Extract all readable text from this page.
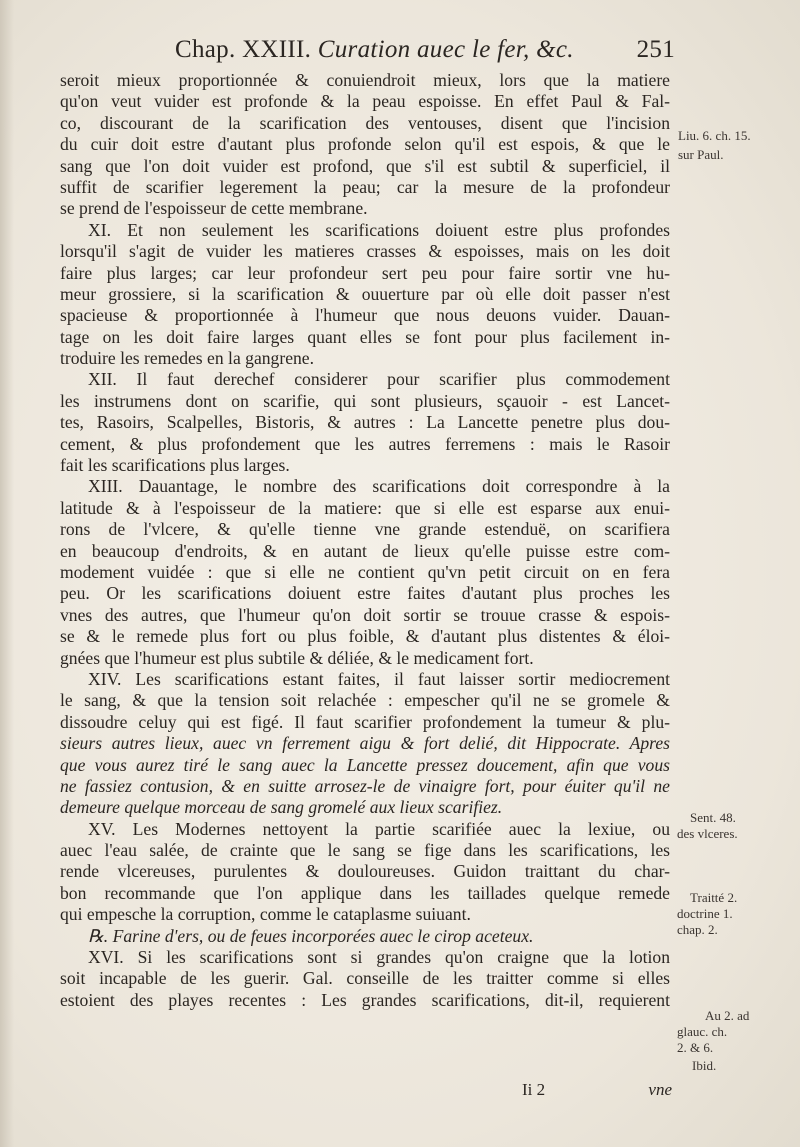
Chap. XXIII. Curation auec le fer, &c.	251
seroit mieux proportionnée & conuiendroit mieux, lors que la matiere
qu'on veut vuider est profonde & la peau espoisse. En effet Paul & Fal-
co, discourant de la scarification des ventouses, disent que l'incision
du cuir doit estre d'autant plus profonde selon qu'il est espois, & que le
sang que l'on doit vuider est profond, que s'il est subtil & superficiel, il
suffit de scarifier legerement la peau; car la mesure de la profondeur
se prend de l'espoisseur de cette membrane.
XI. Et non seulement les scarifications doiuent estre plus profondes
lorsqu'il s'agit de vuider les matieres crasses & espoisses, mais on les doit
faire plus larges; car leur profondeur sert peu pour faire sortir vne hu-
meur grossiere, si la scarification & ouuerture par où elle doit passer n'est
spacieuse & proportionnée à l'humeur que nous deuons vuider. Dauan-
tage on les doit faire larges quant elles se font pour plus facilement in-
troduire les remedes en la gangrene.
XII. Il faut derechef considerer pour scarifier plus commodement
les instrumens dont on scarifie, qui sont plusieurs, sçauoir - est Lancet-
tes, Rasoirs, Scalpelles, Bistoris, & autres : La Lancette penetre plus dou-
cement, & plus profondement que les autres ferremens : mais le Rasoir
fait les scarifications plus larges.
XIII. Dauantage, le nombre des scarifications doit correspondre à la
latitude & à l'espoisseur de la matiere: que si elle est esparse aux enui-
rons de l'vlcere, & qu'elle tienne vne grande estenduë, on scarifiera
en beaucoup d'endroits, & en autant de lieux qu'elle puisse estre com-
modement vuidée : que si elle ne contient qu'vn petit circuit on en fera
peu. Or les scarifications doiuent estre faites d'autant plus proches les
vnes des autres, que l'humeur qu'on doit sortir se trouue crasse & espois-
se & le remede plus fort ou plus foible, & d'autant plus distentes & éloi-
gnées que l'humeur est plus subtile & déliée, & le medicament fort.
XIV. Les scarifications estant faites, il faut laisser sortir mediocrement
le sang, & que la tension soit relachée : empescher qu'il ne se gromele &
dissoudre celuy qui est figé. Il faut scarifier profondement la tumeur & plu-
sieurs autres lieux, auec vn ferrement aigu & fort delié, dit Hippocrate. Apres
que vous aurez tiré le sang auec la Lancette pressez doucement, afin que vous
ne fassiez contusion, & en suitte arrosez-le de vinaigre fort, pour éuiter qu'il ne
demeure quelque morceau de sang gromelé aux lieux scarifiez.
XV. Les Modernes nettoyent la partie scarifiée auec la lexiue, ou
auec l'eau salée, de crainte que le sang se fige dans les scarifications, les
rende vlcereuses, purulentes & douloureuses. Guidon traittant du char-
bon recommande que l'on applique dans les taillades quelque remede
qui empesche la corruption, comme le cataplasme suiuant.
℞. Farine d'ers, ou de feues incorporées auec le cirop aceteux.
XVI. Si les scarifications sont si grandes qu'on craigne que la lotion
soit incapable de les guerir. Gal. conseille de les traitter comme si elles
estoient des playes recentes : Les grandes scarifications, dit-il, requierent
Liu. 6. ch. 15.
sur Paul.
Sent. 48.
des vlceres.
Traitté 2.
doctrine 1.
chap. 2.
Au 2. ad
glauc. ch.
2. & 6.
Ibid.
Ii 2	vne
